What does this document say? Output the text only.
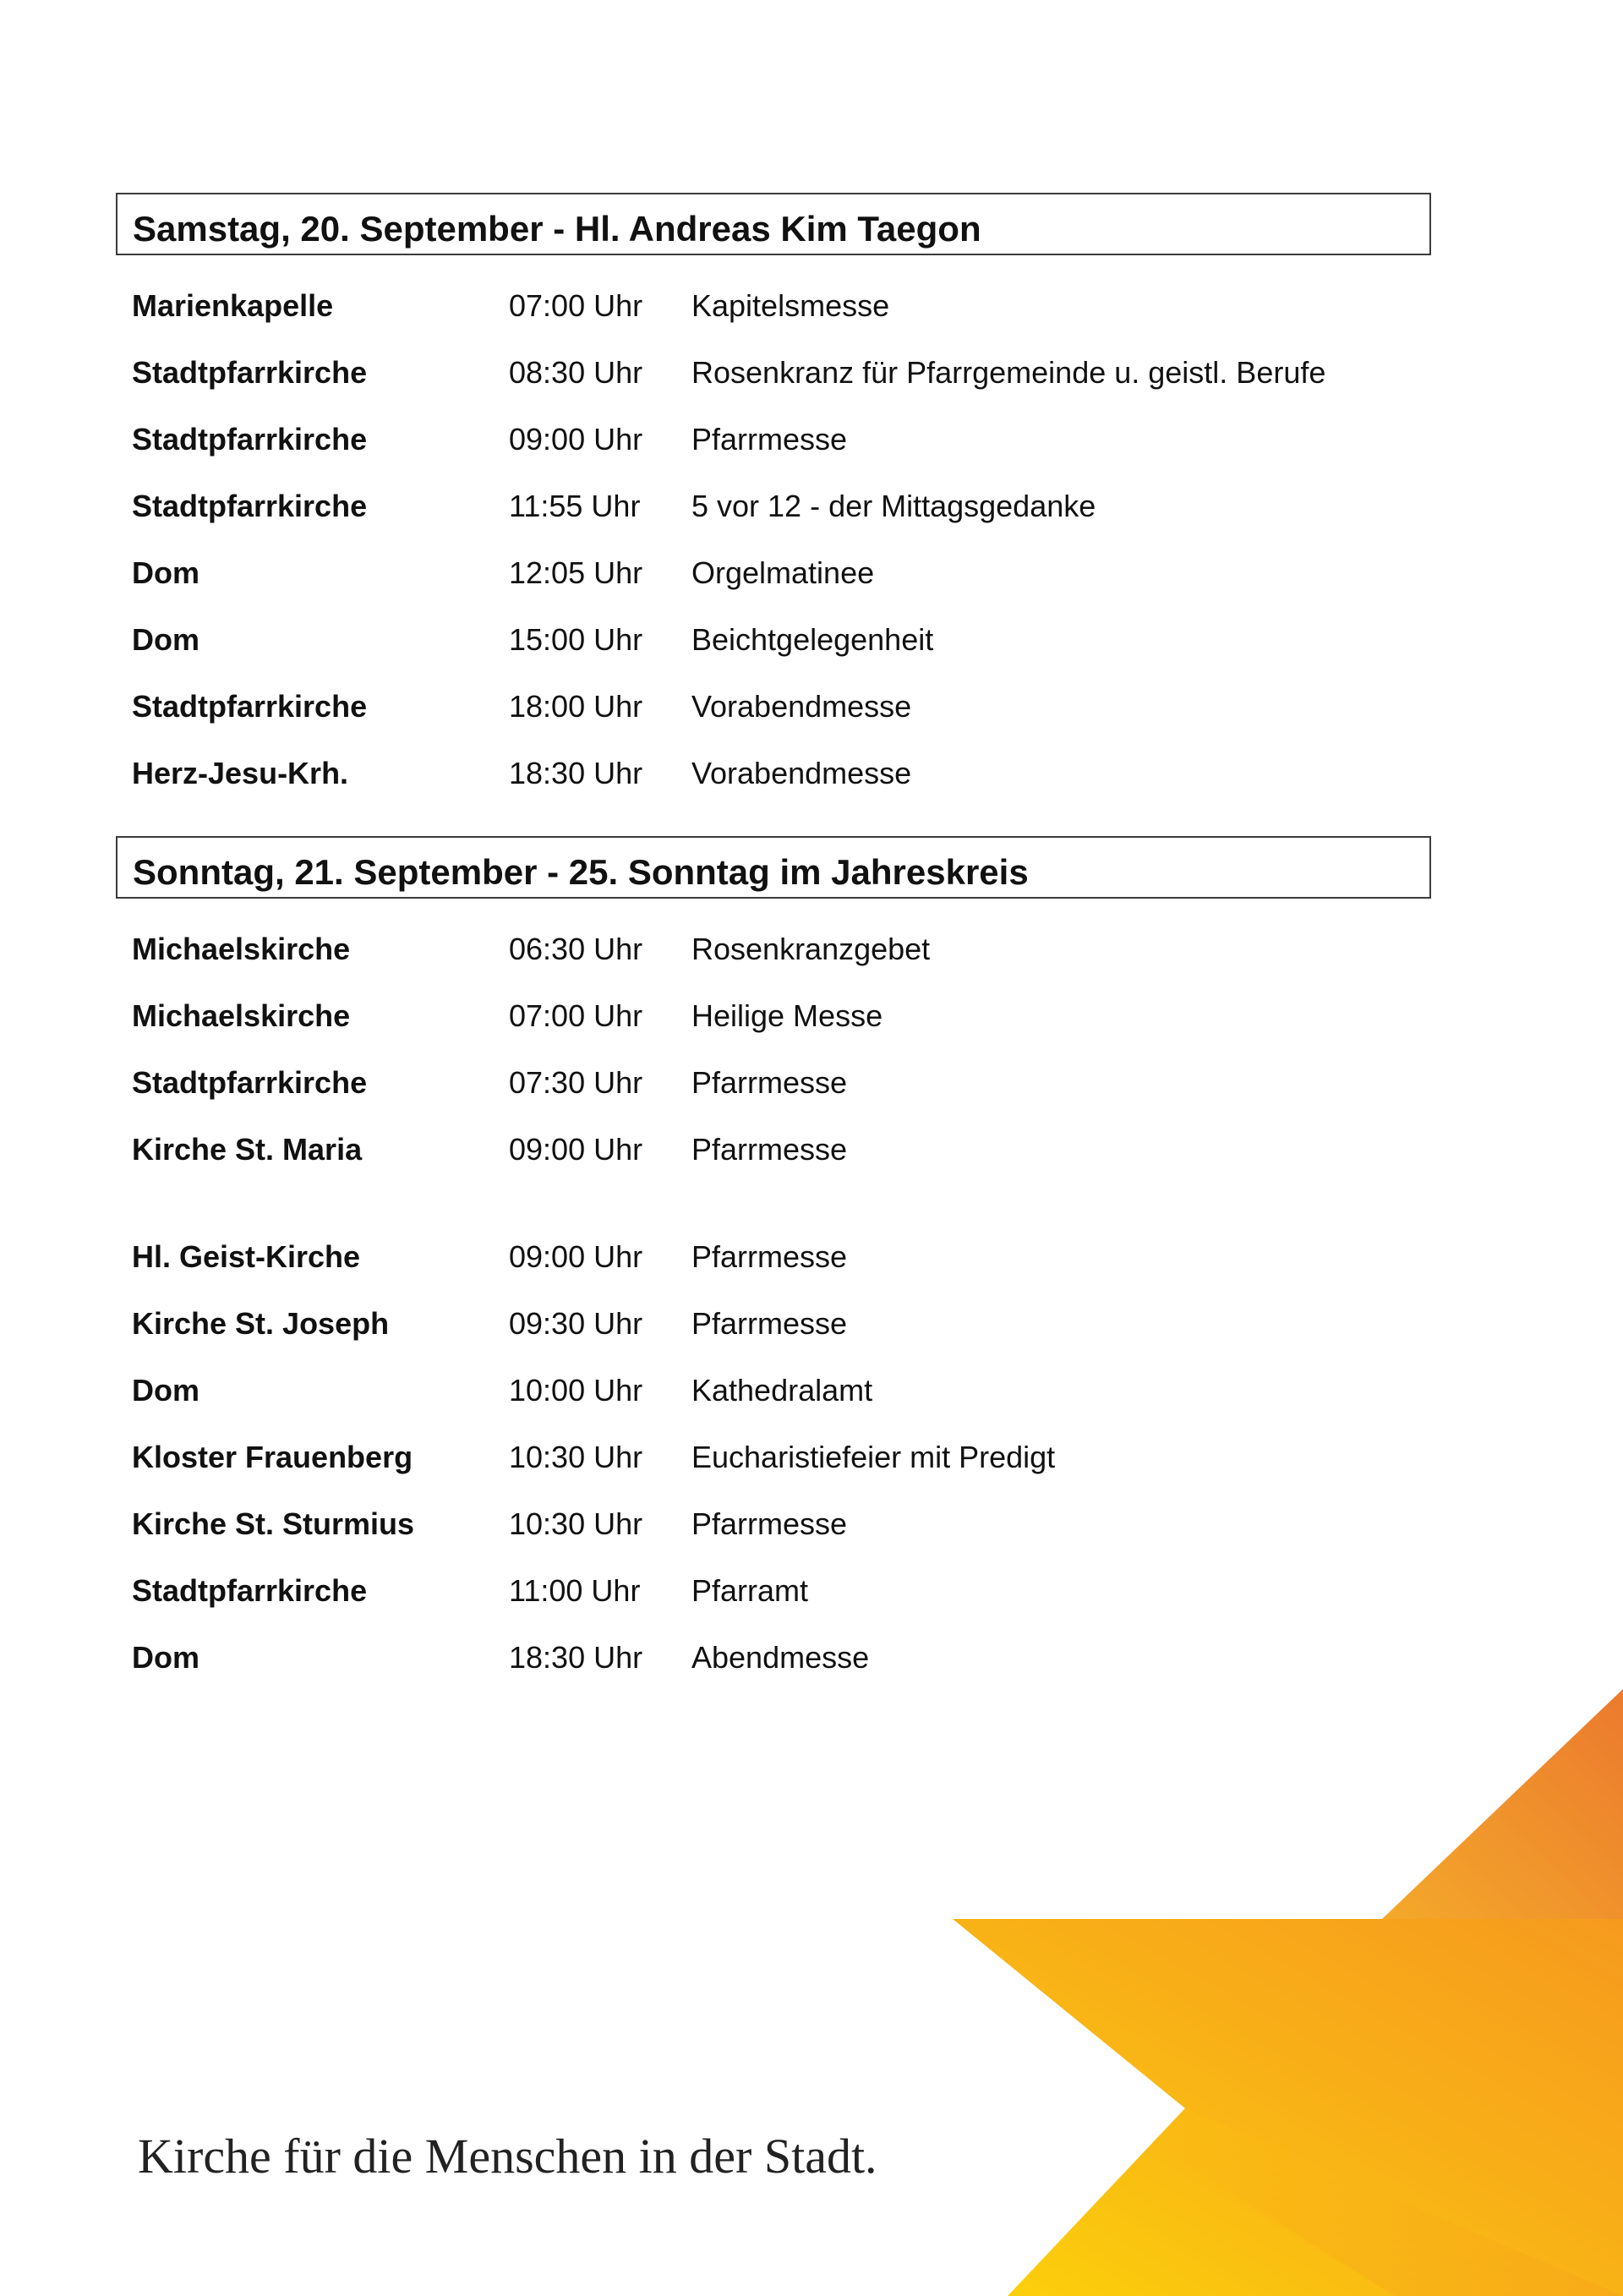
Samstag, 20. September - Hl. Andreas Kim Taegon
Marienkapelle	07:00 Uhr Kapitelsmesse
Stadtpfarrkirche	08:30 Uhr Rosenkranz für Pfarrgemeinde u. geistl. Berufe
Stadtpfarrkirche	09:00 Uhr Pfarrmesse
Stadtpfarrkirche	11:55 Uhr 5 vor 12 - der Mittagsgedanke
Dom	12:05 Uhr Orgelmatinee
Dom	15:00 Uhr Beichtgelegenheit
Stadtpfarrkirche	18:00 Uhr Vorabendmesse
Herz-Jesu-Krh.	18:30 Uhr Vorabendmesse
Sonntag, 21. September - 25. Sonntag im Jahreskreis
Michaelskirche	06:30 Uhr Rosenkranzgebet
Michaelskirche	07:00 Uhr Heilige Messe
Stadtpfarrkirche	07:30 Uhr Pfarrmesse
Kirche St. Maria	09:00 Uhr Pfarrmesse
Hl. Geist-Kirche	09:00 Uhr Pfarrmesse
Kirche St. Joseph	09:30 Uhr Pfarrmesse
Dom	10:00 Uhr Kathedralamt
Kloster Frauenberg	10:30 Uhr Eucharistiefeier mit Predigt
Kirche St. Sturmius	10:30 Uhr Pfarrmesse
Stadtpfarrkirche	11:00 Uhr Pfarramt
Dom	18:30 Uhr Abendmesse
Kirche für die Menschen in der Stadt.
